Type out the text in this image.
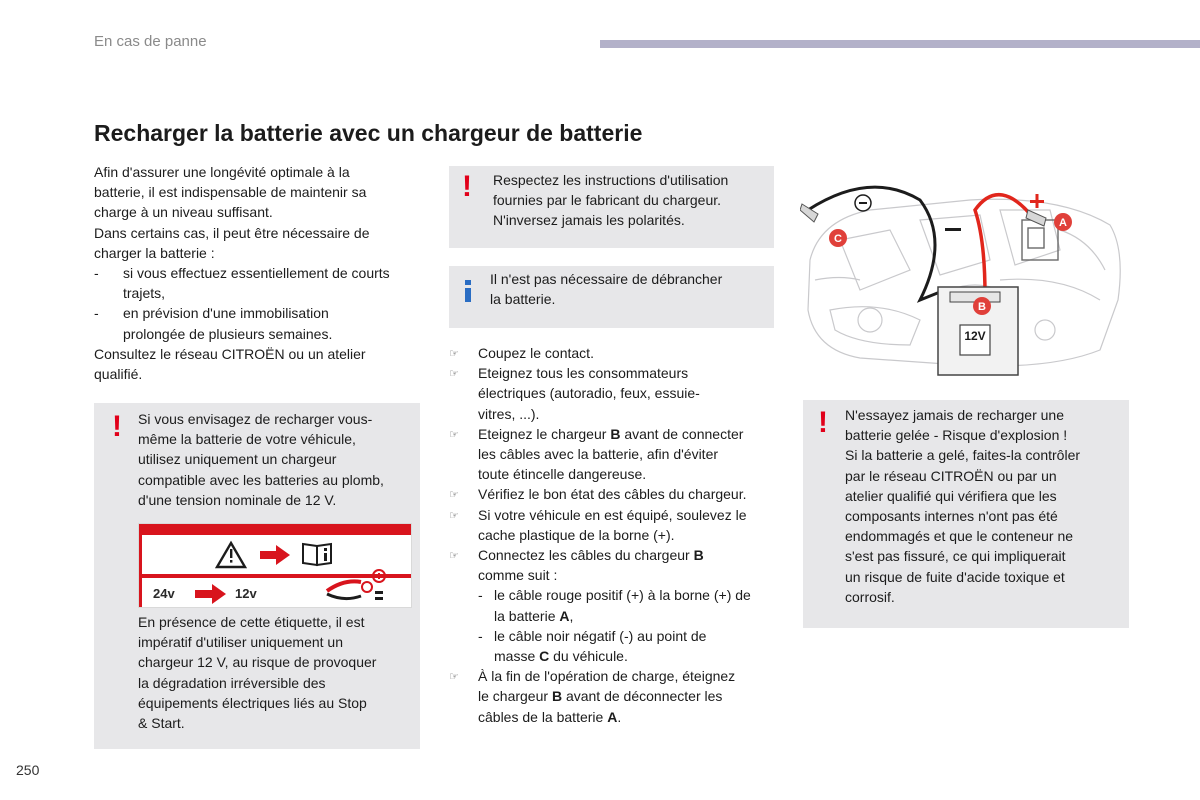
En cas de panne
Recharger la batterie avec un chargeur de batterie
Afin d'assurer une longévité optimale à la
batterie, il est indispensable de maintenir sa
charge à un niveau suffisant.
Dans certains cas, il peut être nécessaire de
charger la batterie :
- si vous effectuez essentiellement de courts
trajets,
- en prévision d'une immobilisation
prolongée de plusieurs semaines.
Consultez le réseau CITROËN ou un atelier
qualifié.
! Si vous envisagez de recharger vous-
même la batterie de votre véhicule,
utilisez uniquement un chargeur
compatible avec les batteries au plomb,
d'une tension nominale de 12 V.
24v	12v
En présence de cette étiquette, il est
impératif d'utiliser uniquement un
chargeur 12 V, au risque de provoquer
la dégradation irréversible des
équipements électriques liés au Stop
& Start.
! Respectez les instructions d'utilisation
fournies par le fabricant du chargeur.
N'inversez jamais les polarités.
Il n'est pas nécessaire de débrancher
la batterie.
☞ Coupez le contact.
☞ Eteignez tous les consommateurs
électriques (autoradio, feux, essuie-
vitres, ...).
☞ Eteignez le chargeur B avant de connecter
les câbles avec la batterie, afin d'éviter
toute étincelle dangereuse.
☞ Vérifiez le bon état des câbles du chargeur.
☞ Si votre véhicule en est équipé, soulevez le
cache plastique de la borne (+).
☞ Connectez les câbles du chargeur B
comme suit :
- le câble rouge positif (+) à la borne (+) de
la batterie A,
- le câble noir négatif (-) au point de
masse C du véhicule.
☞ À la fin de l'opération de charge, éteignez
le chargeur B avant de déconnecter les
câbles de la batterie A.
12V
A
B
C
! N'essayez jamais de recharger une
batterie gelée - Risque d'explosion !
Si la batterie a gelé, faites-la contrôler
par le réseau CITROËN ou par un
atelier qualifié qui vérifiera que les
composants internes n'ont pas été
endommagés et que le conteneur ne
s'est pas fissuré, ce qui impliquerait
un risque de fuite d'acide toxique et
corrosif.
250
